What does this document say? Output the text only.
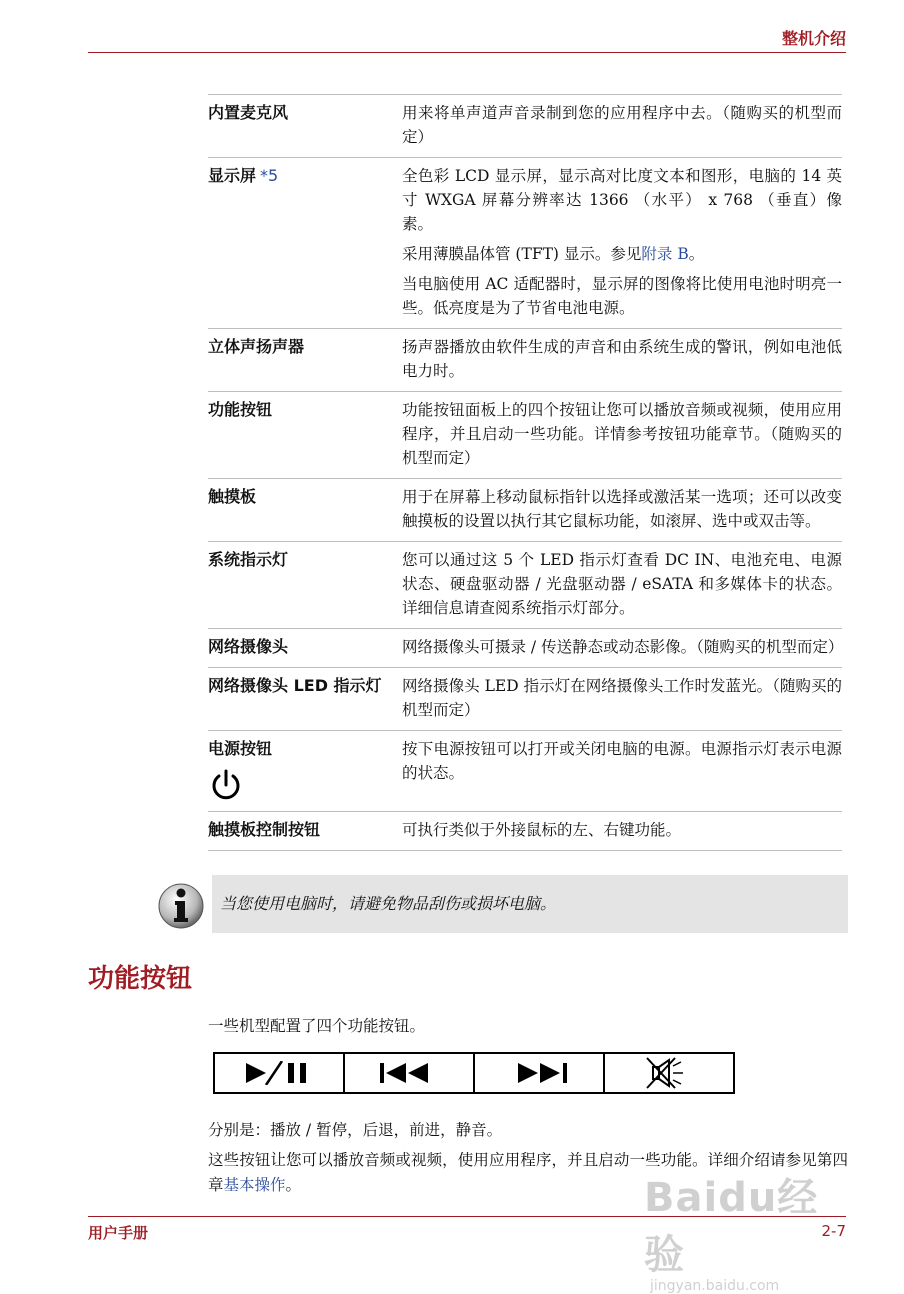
整机介绍
内置麦克风	用来将单声道声音录制到您的应用程序中去。（随购买的机型而定）

显示屏 *5	全色彩 LCD 显示屏，显示高对比度文本和图形，电脑的 14 英寸 WXGA 屏幕分辨率达 1366 （水平） x 768 （垂直）像素。

采用薄膜晶体管 (TFT) 显示。参见附录 B。

当电脑使用 AC 适配器时，显示屏的图像将比使用电池时明亮一些。低亮度是为了节省电池电源。

立体声扬声器	扬声器播放由软件生成的声音和由系统生成的警讯，例如电池低电力时。

功能按钮	功能按钮面板上的四个按钮让您可以播放音频或视频，使用应用程序，并且启动一些功能。详情参考按钮功能章节。（随购买的机型而定）

触摸板	用于在屏幕上移动鼠标指针以选择或激活某一选项；还可以改变触摸板的设置以执行其它鼠标功能，如滚屏、选中或双击等。

系统指示灯	您可以通过这 5 个 LED 指示灯查看 DC IN、电池充电、电源状态、硬盘驱动器 / 光盘驱动器 / eSATA 和多媒体卡的状态。详细信息请查阅系统指示灯部分。

网络摄像头	网络摄像头可摄录 / 传送静态或动态影像。（随购买的机型而定）

网络摄像头 LED 指示灯	网络摄像头 LED 指示灯在网络摄像头工作时发蓝光。（随购买的机型而定）

电源按钮	按下电源按钮可以打开或关闭电脑的电源。电源指示灯表示电源的状态。

触摸板控制按钮	可执行类似于外接鼠标的左、右键功能。

当您使用电脑时，请避免物品刮伤或损坏电脑。
功能按钮

一些机型配置了四个功能按钮。

分别是：播放 / 暂停，后退，前进，静音。

这些按钮让您可以播放音频或视频，使用应用程序，并且启动一些功能。详细介绍请参见第四章基本操作。	Baidu经验
jingyan.baidu.com
用户手册	2-7
